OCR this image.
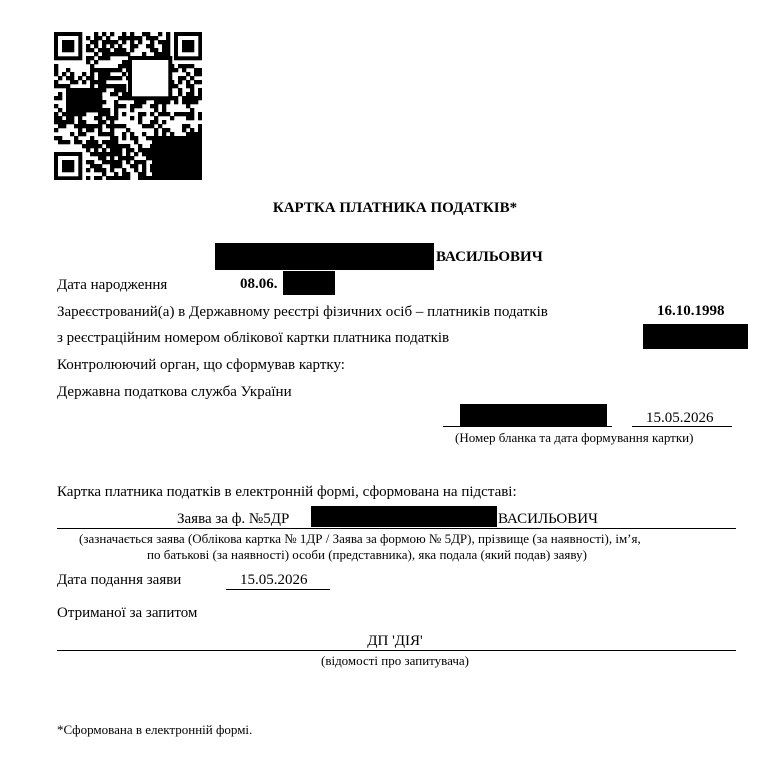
КАРТКА ПЛАТНИКА ПОДАТКІВ*
ВАСИЛЬОВИЧ
Дата народження	08.06.
Зареєстрований(а) в Державному реєстрі фізичних осіб – платників податків	16.10.1998
з реєстраційним номером облікової картки платника податків
Контролюючий орган, що сформував картку:
Державна податкова служба України
15.05.2026
(Номер бланка та дата формування картки)
Картка платника податків в електронній формі, сформована на підставі:
Заява за ф. №5ДР	ВАСИЛЬОВИЧ
(зазначається заява (Облікова картка № 1ДР / Заява за формою № 5ДР), прізвище (за наявності), ім’я,
по батькові (за наявності) особи (представника), яка подала (який подав) заяву)
Дата подання заяви	15.05.2026
Отриманої за запитом
ДП 'ДІЯ'
(відомості про запитувача)
*Сформована в електронній формі.
